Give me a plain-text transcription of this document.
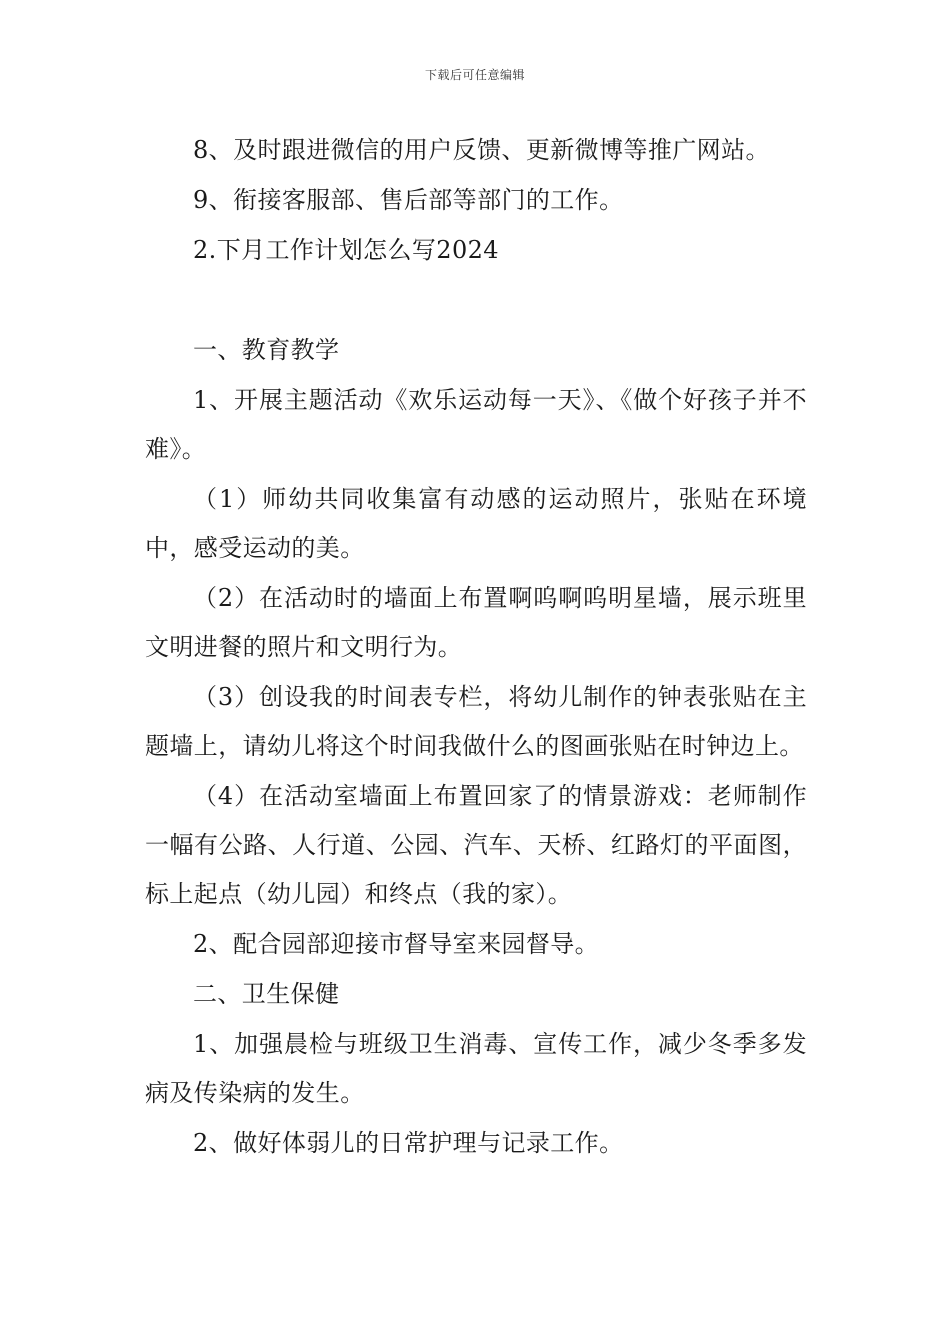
下载后可任意编辑

8、及时跟进微信的用户反馈、更新微博等推广网站。

9、衔接客服部、售后部等部门的工作。

2.下月工作计划怎么写2024

一、教育教学

1、开展主题活动《欢乐运动每一天》、《做个好孩子并不难》。

（1）师幼共同收集富有动感的运动照片，张贴在环境中，感受运动的美。

（2）在活动时的墙面上布置啊呜啊呜明星墙，展示班里文明进餐的照片和文明行为。

（3）创设我的时间表专栏，将幼儿制作的钟表张贴在主题墙上，请幼儿将这个时间我做什么的图画张贴在时钟边上。

（4）在活动室墙面上布置回家了的情景游戏：老师制作一幅有公路、人行道、公园、汽车、天桥、红路灯的平面图，标上起点（幼儿园）和终点（我的家）。

2、配合园部迎接市督导室来园督导。

二、卫生保健

1、加强晨检与班级卫生消毒、宣传工作，减少冬季多发病及传染病的发生。

2、做好体弱儿的日常护理与记录工作。
